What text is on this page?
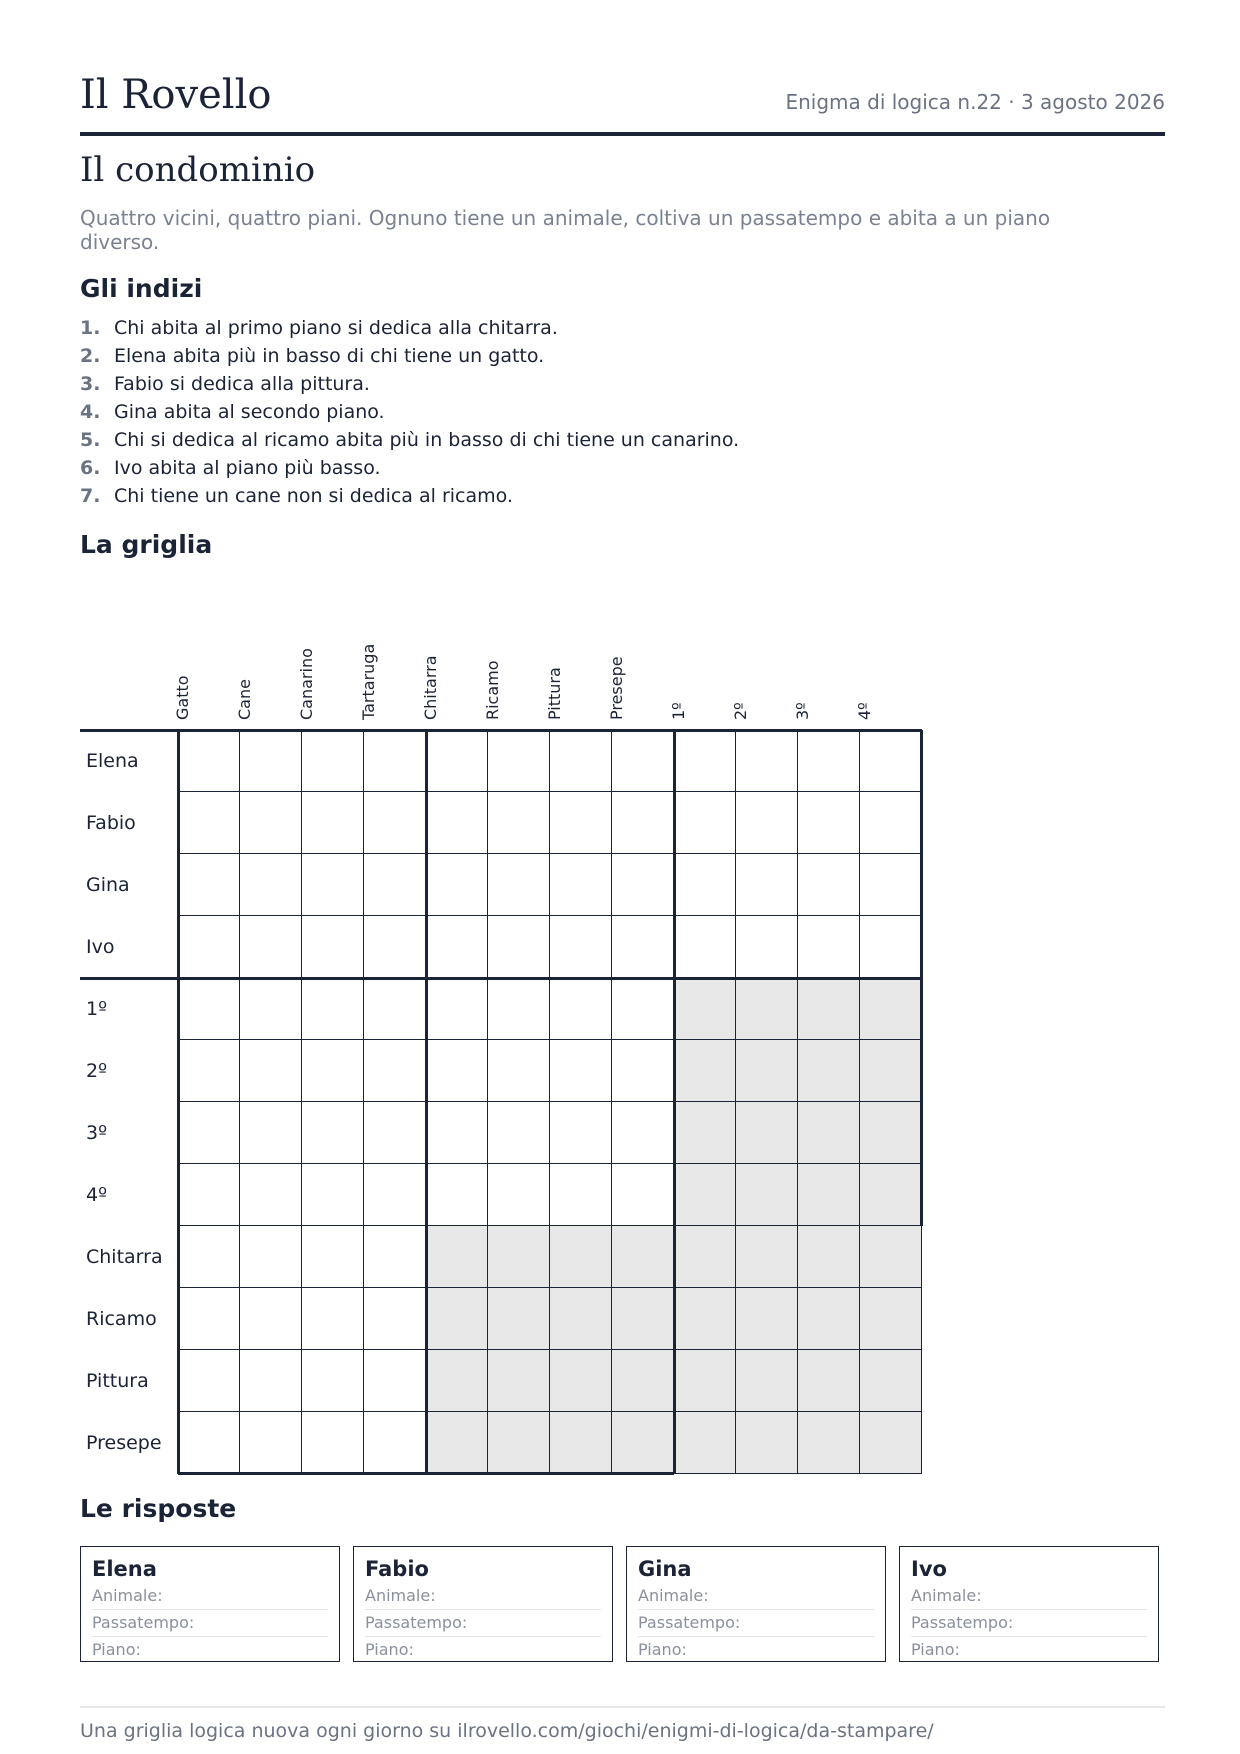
Il Rovello	Enigma di logica n.22 · 3 agosto 2026
Il condominio
Quattro vicini, quattro piani. Ognuno tiene un animale, coltiva un passatempo e abita a un piano diverso.
Gli indizi
1. Chi abita al primo piano si dedica alla chitarra.
2. Elena abita più in basso di chi tiene un gatto.
3. Fabio si dedica alla pittura.
4. Gina abita al secondo piano.
5. Chi si dedica al ricamo abita più in basso di chi tiene un canarino.
6. Ivo abita al piano più basso.
7. Chi tiene un cane non si dedica al ricamo.
La griglia
Gatto	Cane	Canarino	Tartaruga	Chitarra	Ricamo	Pittura	Presepe	1º	2º	3º	4º
Elena
Fabio
Gina
Ivo
1º
2º
3º
4º
Chitarra
Ricamo
Pittura
Presepe
Le risposte
Elena
Animale:
Passatempo:
Piano:
Fabio
Animale:
Passatempo:
Piano:
Gina
Animale:
Passatempo:
Piano:
Ivo
Animale:
Passatempo:
Piano:
Una griglia logica nuova ogni giorno su ilrovello.com/giochi/enigmi-di-logica/da-stampare/
